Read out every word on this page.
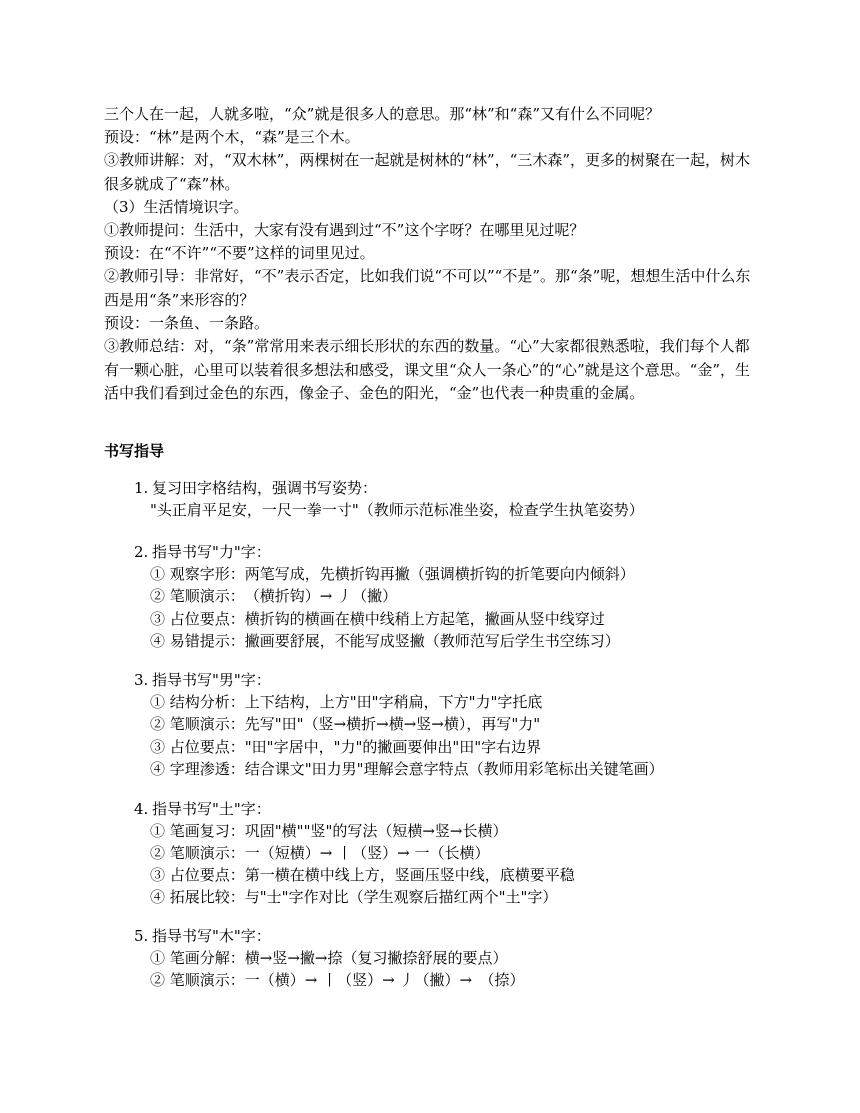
三个人在一起，人就多啦，“众”就是很多人的意思。那“林”和“森”又有什么不同呢？
预设：“林”是两个木，“森”是三个木。
③教师讲解：对，“双木林”，两棵树在一起就是树林的“林”，“三木森”，更多的树聚在一起，树木很多就成了“森”林。
（3）生活情境识字。
①教师提问：生活中，大家有没有遇到过“不”这个字呀？在哪里见过呢？
预设：在“不许”“不要”这样的词里见过。
②教师引导：非常好，“不”表示否定，比如我们说“不可以”“不是”。那“条”呢，想想生活中什么东西是用“条”来形容的？
预设：一条鱼、一条路。
③教师总结：对，“条”常常用来表示细长形状的东西的数量。“心”大家都很熟悉啦，我们每个人都有一颗心脏，心里可以装着很多想法和感受，课文里“众人一条心”的“心”就是这个意思。“金”，生活中我们看到过金色的东西，像金子、金色的阳光，“金”也代表一种贵重的金属。
书写指导
1. 复习田字格结构，强调书写姿势：
"头正肩平足安，一尺一拳一寸"（教师示范标准坐姿，检查学生执笔姿势）
2. 指导书写"力"字：
① 观察字形：两笔写成，先横折钩再撇（强调横折钩的折笔要向内倾斜）
② 笔顺演示：　（横折钩）→ 丿（撇）
③ 占位要点：横折钩的横画在横中线稍上方起笔，撇画从竖中线穿过
④ 易错提示：撇画要舒展，不能写成竖撇（教师范写后学生书空练习）
3. 指导书写"男"字：
① 结构分析：上下结构，上方"田"字稍扁，下方"力"字托底
② 笔顺演示：先写"田"（竖→横折→横→竖→横），再写"力"
③ 占位要点："田"字居中，"力"的撇画要伸出"田"字右边界
④ 字理渗透：结合课文"田力男"理解会意字特点（教师用彩笔标出关键笔画）
4. 指导书写"土"字：
① 笔画复习：巩固"横""竖"的写法（短横→竖→长横）
② 笔顺演示：一（短横）→ 丨（竖）→ 一（长横）
③ 占位要点：第一横在横中线上方，竖画压竖中线，底横要平稳
④ 拓展比较：与"士"字作对比（学生观察后描红两个"土"字）
5. 指导书写"木"字：
① 笔画分解：横→竖→撇→捺（复习撇捺舒展的要点）
② 笔顺演示：一（横）→ 丨（竖）→ 丿（撇）→　（捺）
